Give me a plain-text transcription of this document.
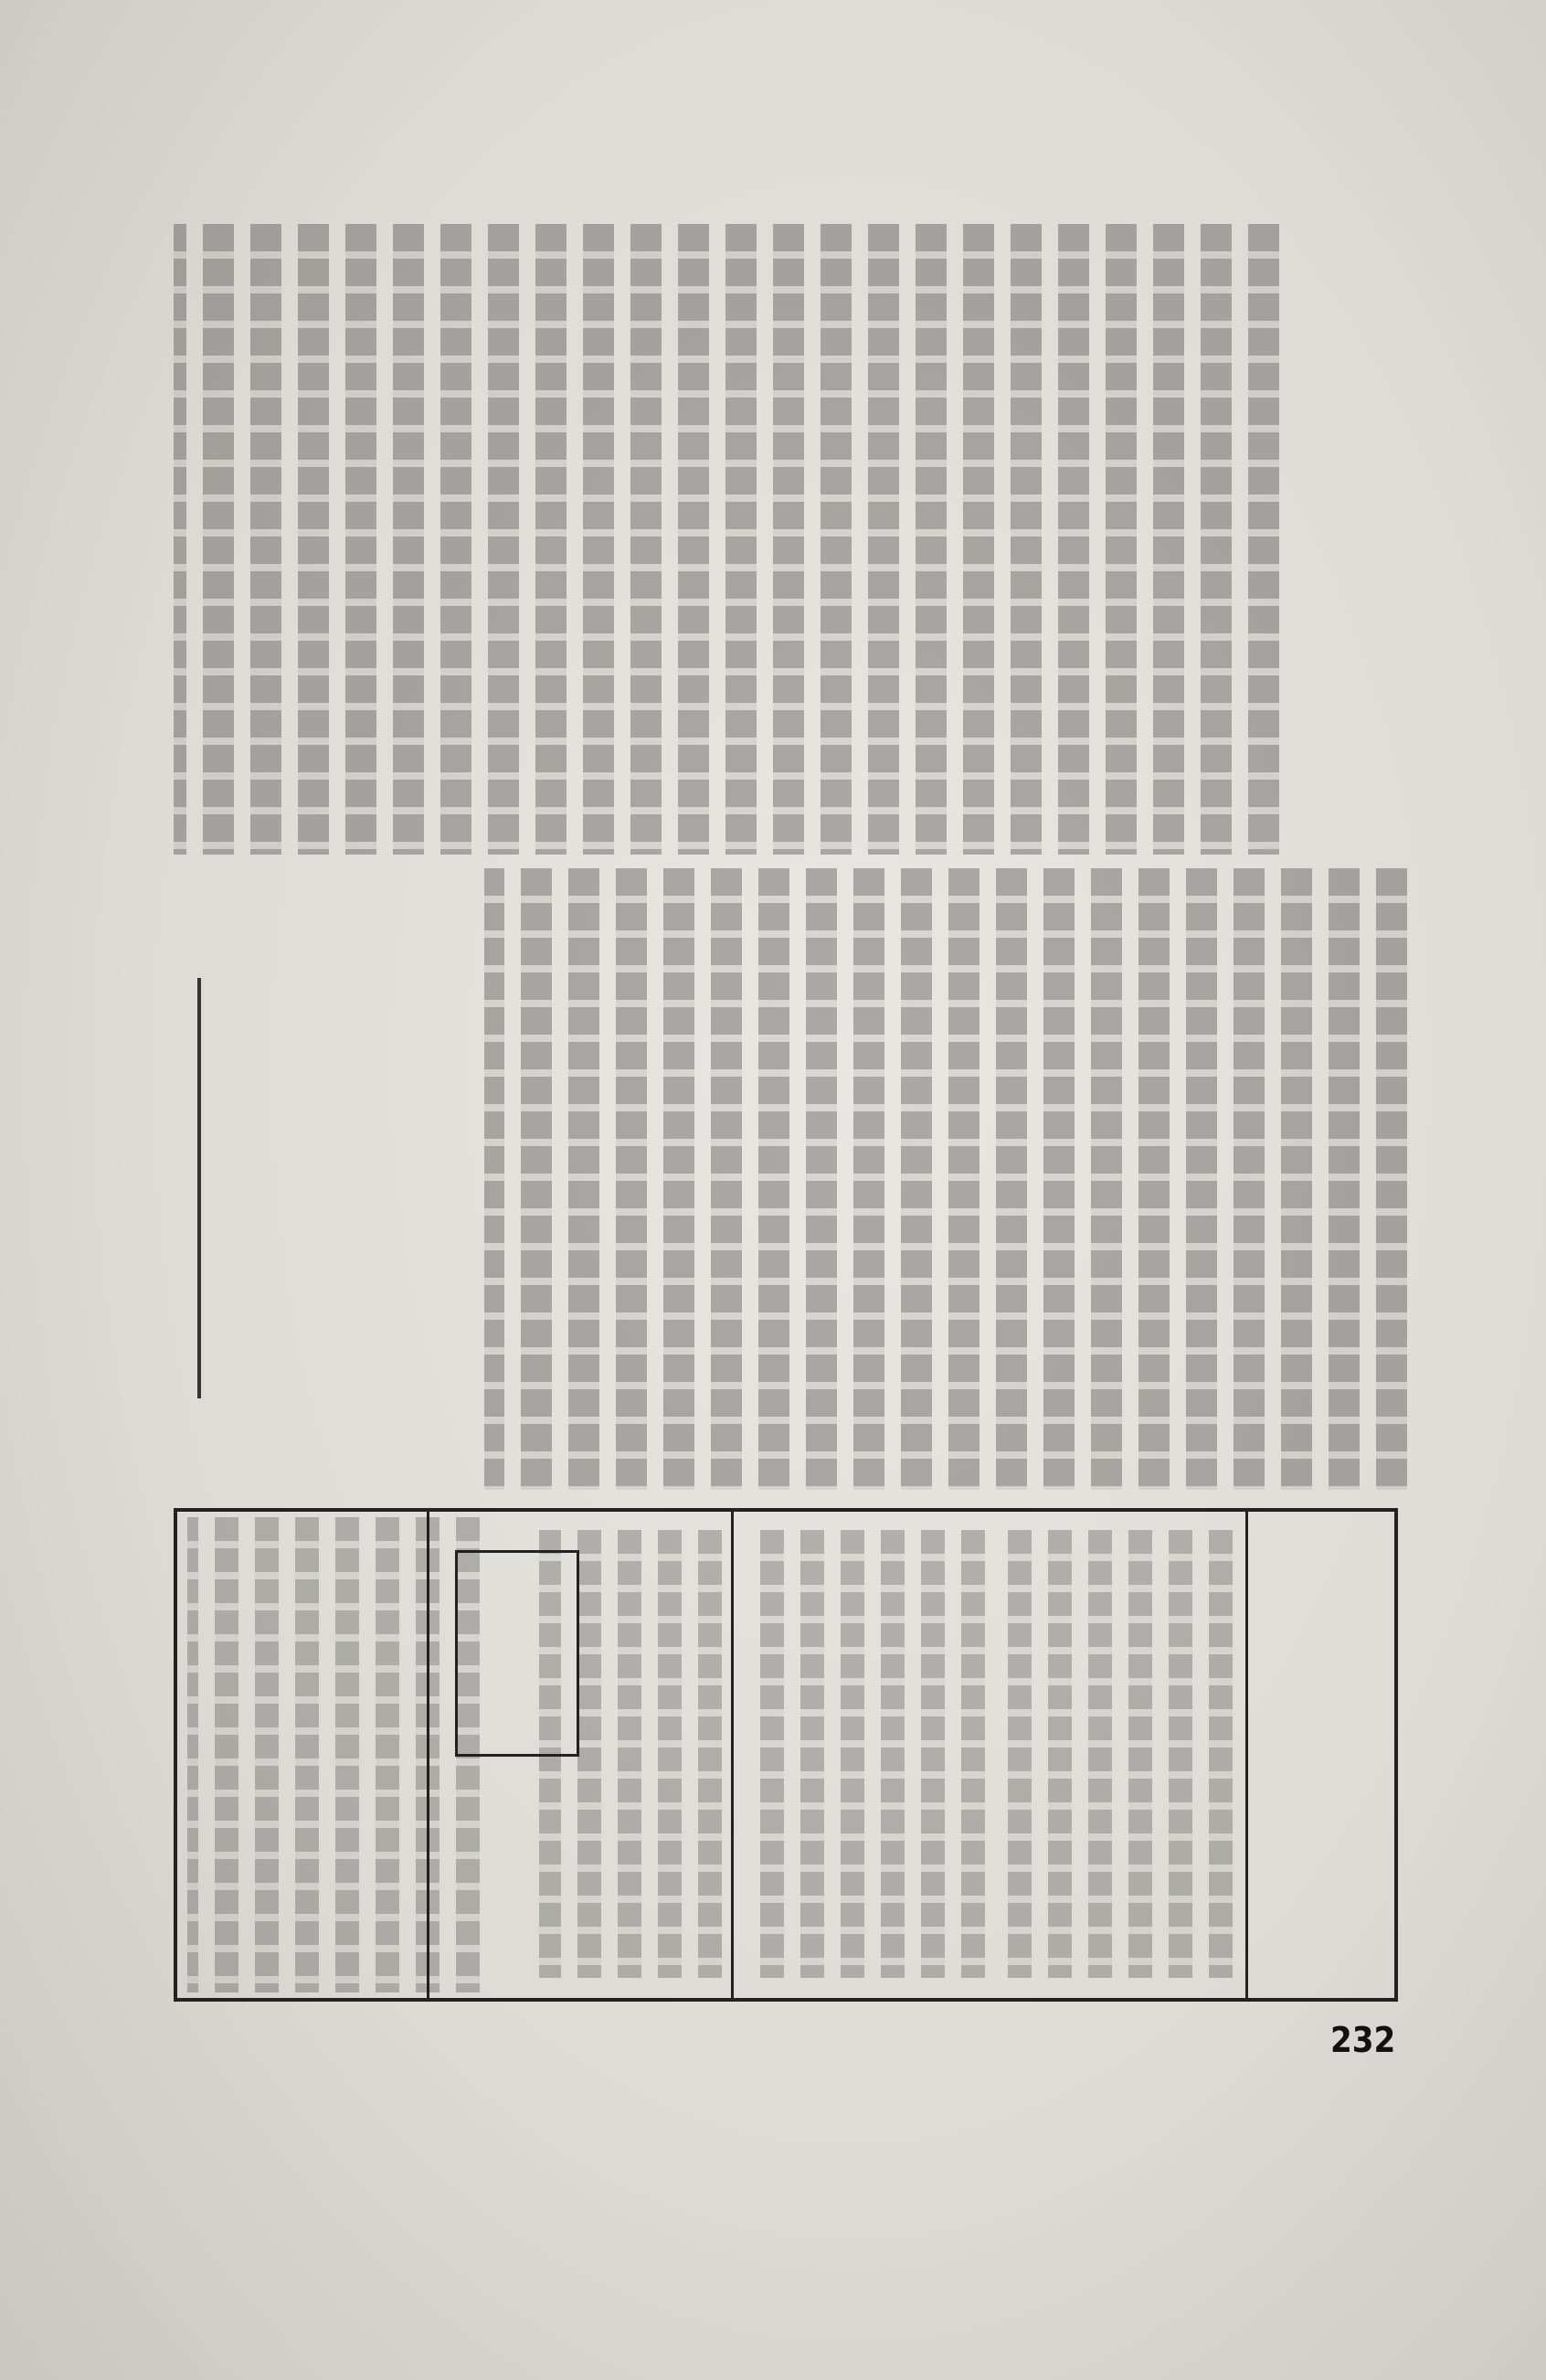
232
